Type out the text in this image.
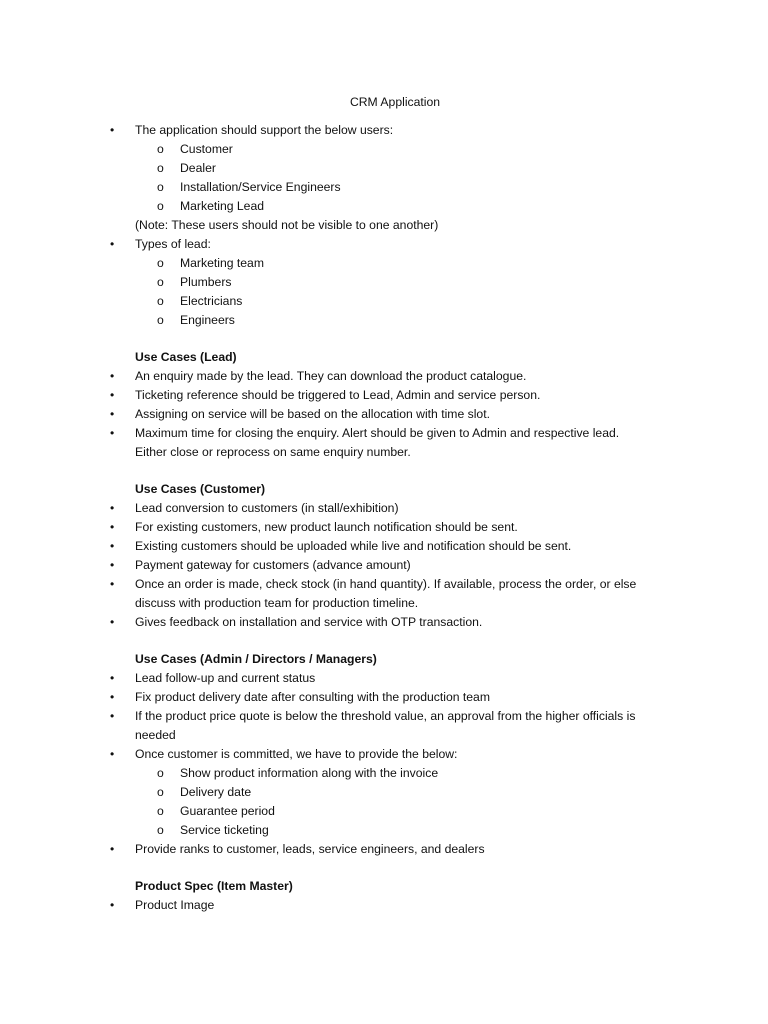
CRM Application
• The application should support the below users:
o Customer
o Dealer
o Installation/Service Engineers
o Marketing Lead
(Note: These users should not be visible to one another)
• Types of lead:
o Marketing team
o Plumbers
o Electricians
o Engineers
Use Cases (Lead)
• An enquiry made by the lead. They can download the product catalogue.
• Ticketing reference should be triggered to Lead, Admin and service person.
• Assigning on service will be based on the allocation with time slot.
• Maximum time for closing the enquiry. Alert should be given to Admin and respective lead.
Either close or reprocess on same enquiry number.
Use Cases (Customer)
• Lead conversion to customers (in stall/exhibition)
• For existing customers, new product launch notification should be sent.
• Existing customers should be uploaded while live and notification should be sent.
• Payment gateway for customers (advance amount)
• Once an order is made, check stock (in hand quantity). If available, process the order, or else
discuss with production team for production timeline.
• Gives feedback on installation and service with OTP transaction.
Use Cases (Admin / Directors / Managers)
• Lead follow-up and current status
• Fix product delivery date after consulting with the production team
• If the product price quote is below the threshold value, an approval from the higher officials is
needed
• Once customer is committed, we have to provide the below:
o Show product information along with the invoice
o Delivery date
o Guarantee period
o Service ticketing
• Provide ranks to customer, leads, service engineers, and dealers
Product Spec (Item Master)
• Product Image
